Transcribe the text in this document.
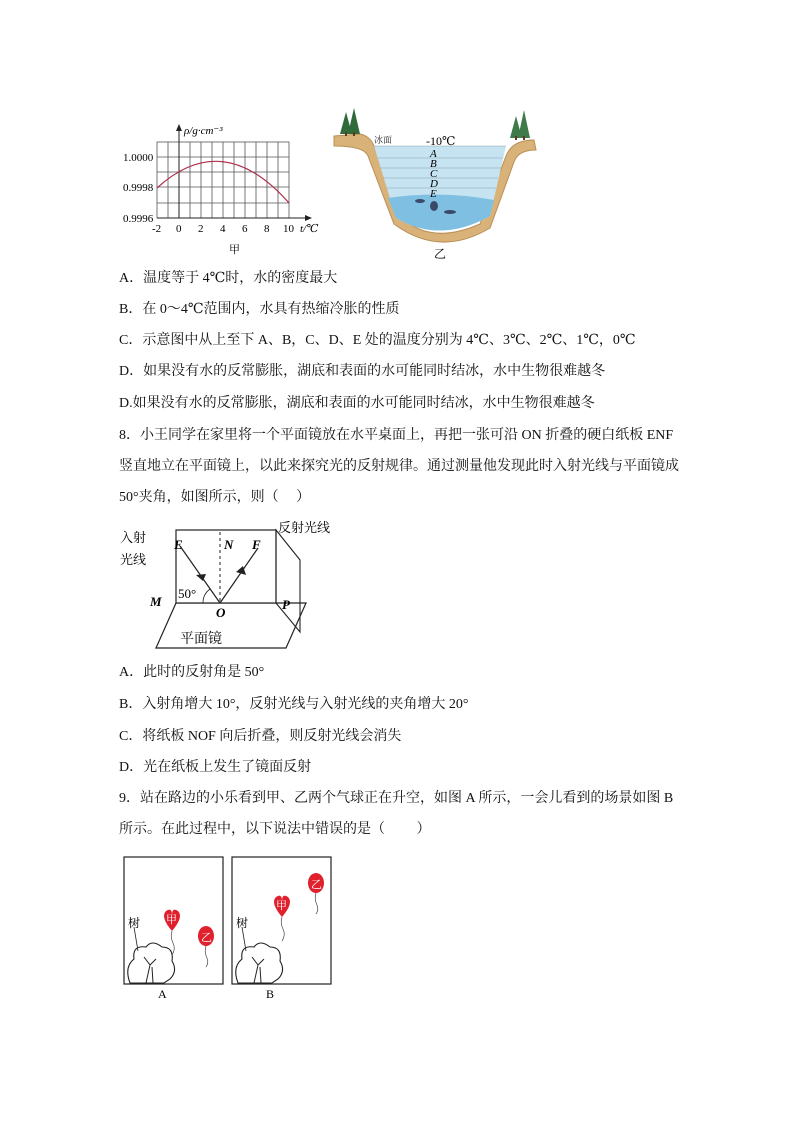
ρ/g·cm⁻³
1.0000
0.9998
0.9996
-2 0 2 4 6 8 10 t/℃
甲
冰面	-10℃
A
B
C
D
E
乙
A．温度等于 4℃时，水的密度最大
B．在 0～4℃范围内，水具有热缩冷胀的性质
C．示意图中从上至下 A、B，C、D、E 处的温度分别为 4℃、3℃、2℃、1℃，0℃
D．如果没有水的反常膨胀，湖底和表面的水可能同时结冰，水中生物很难越冬
D.如果没有水的反常膨胀，湖底和表面的水可能同时结冰，水中生物很难越冬
8．小王同学在家里将一个平面镜放在水平桌面上，再把一张可沿 ON 折叠的硬白纸板 ENF
竖直地立在平面镜上，以此来探究光的反射规律。通过测量他发现此时入射光线与平面镜成
50°夹角，如图所示，则（　 ）
入射
光线
反射光线
E	N F
M
50°
O
P
平面镜
A．此时的反射角是 50°
B．入射角增大 10°，反射光线与入射光线的夹角增大 20°
C．将纸板 NOF 向后折叠，则反射光线会消失
D．光在纸板上发生了镜面反射
9．站在路边的小乐看到甲、乙两个气球正在升空，如图 A 所示，一会儿看到的场景如图 B
所示。在此过程中，以下说法中错误的是（　 　）
树 甲
乙
A
树
甲
乙
B
